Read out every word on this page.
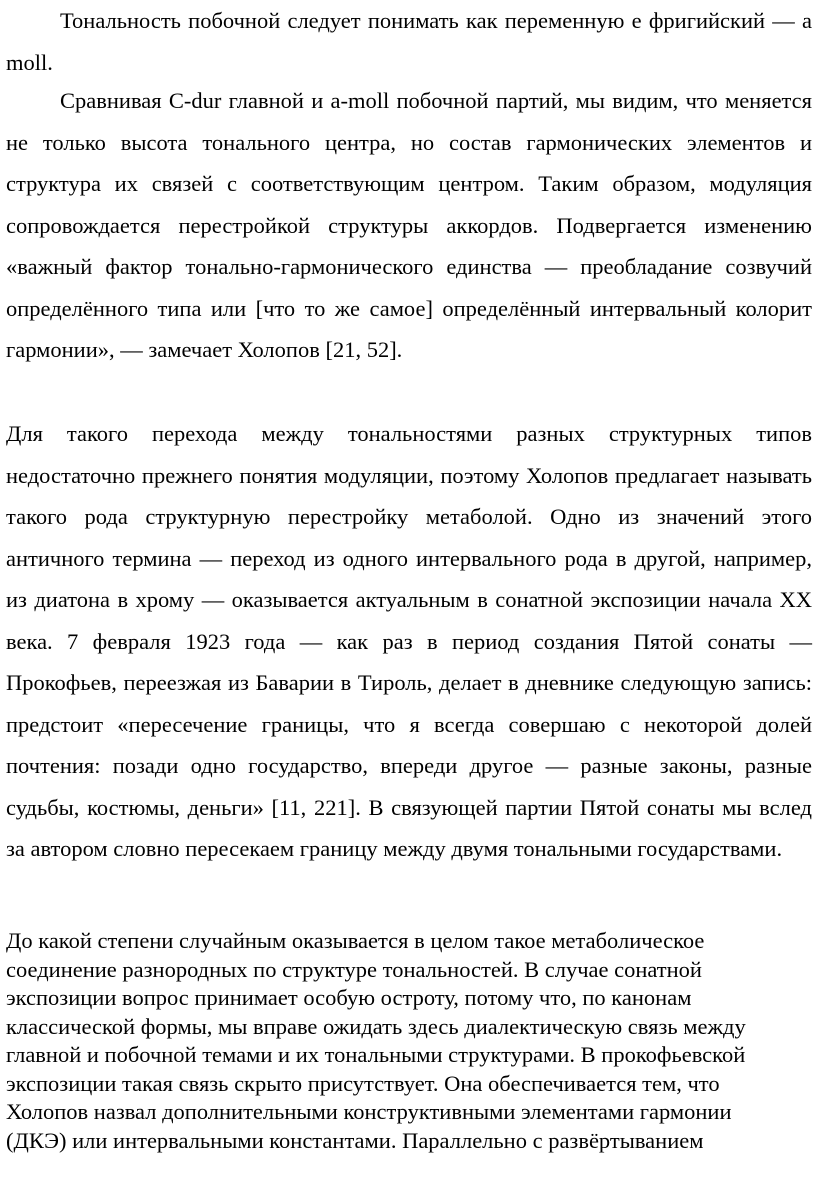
Тональность побочной следует понимать как переменную е фригийский — a moll.

Сравнивая C-dur главной и a-moll побочной партий, мы видим, что меняется не только высота тонального центра, но состав гармонических элементов и структура их связей с соответствующим центром. Таким образом, модуляция сопровождается перестройкой структуры аккордов. Подвергается изменению «важный фактор тонально-гармонического единства — преобладание созвучий определённого типа или [что то же самое] определённый интервальный колорит гармонии», — замечает Холопов [21, 52].

Для такого перехода между тональностями разных структурных типов недостаточно прежнего понятия модуляции, поэтому Холопов предлагает называть такого рода структурную перестройку метаболой. Одно из значений этого античного термина — переход из одного интервального рода в другой, например, из диатона в хрому — оказывается актуальным в сонатной экспозиции начала XX века. 7 февраля 1923 года — как раз в период создания Пятой сонаты — Прокофьев, переезжая из Баварии в Тироль, делает в дневнике следующую запись: предстоит «пересечение границы, что я всегда совершаю с некоторой долей почтения: позади одно государство, впереди другое — разные законы, разные судьбы, костюмы, деньги» [11, 221]. В связующей партии Пятой сонаты мы вслед за автором словно пересекаем границу между двумя тональными государствами.

До какой степени случайным оказывается в целом такое метаболическое соединение разнородных по структуре тональностей. В случае сонатной экспозиции вопрос принимает особую остроту, потому что, по канонам классической формы, мы вправе ожидать здесь диалектическую связь между главной и побочной темами и их тональными структурами. В прокофьевской экспозиции такая связь скрыто присутствует. Она обеспечивается тем, что Холопов назвал дополнительными конструктивными элементами гармонии (ДКЭ) или интервальными константами. Параллельно с развёртыванием
